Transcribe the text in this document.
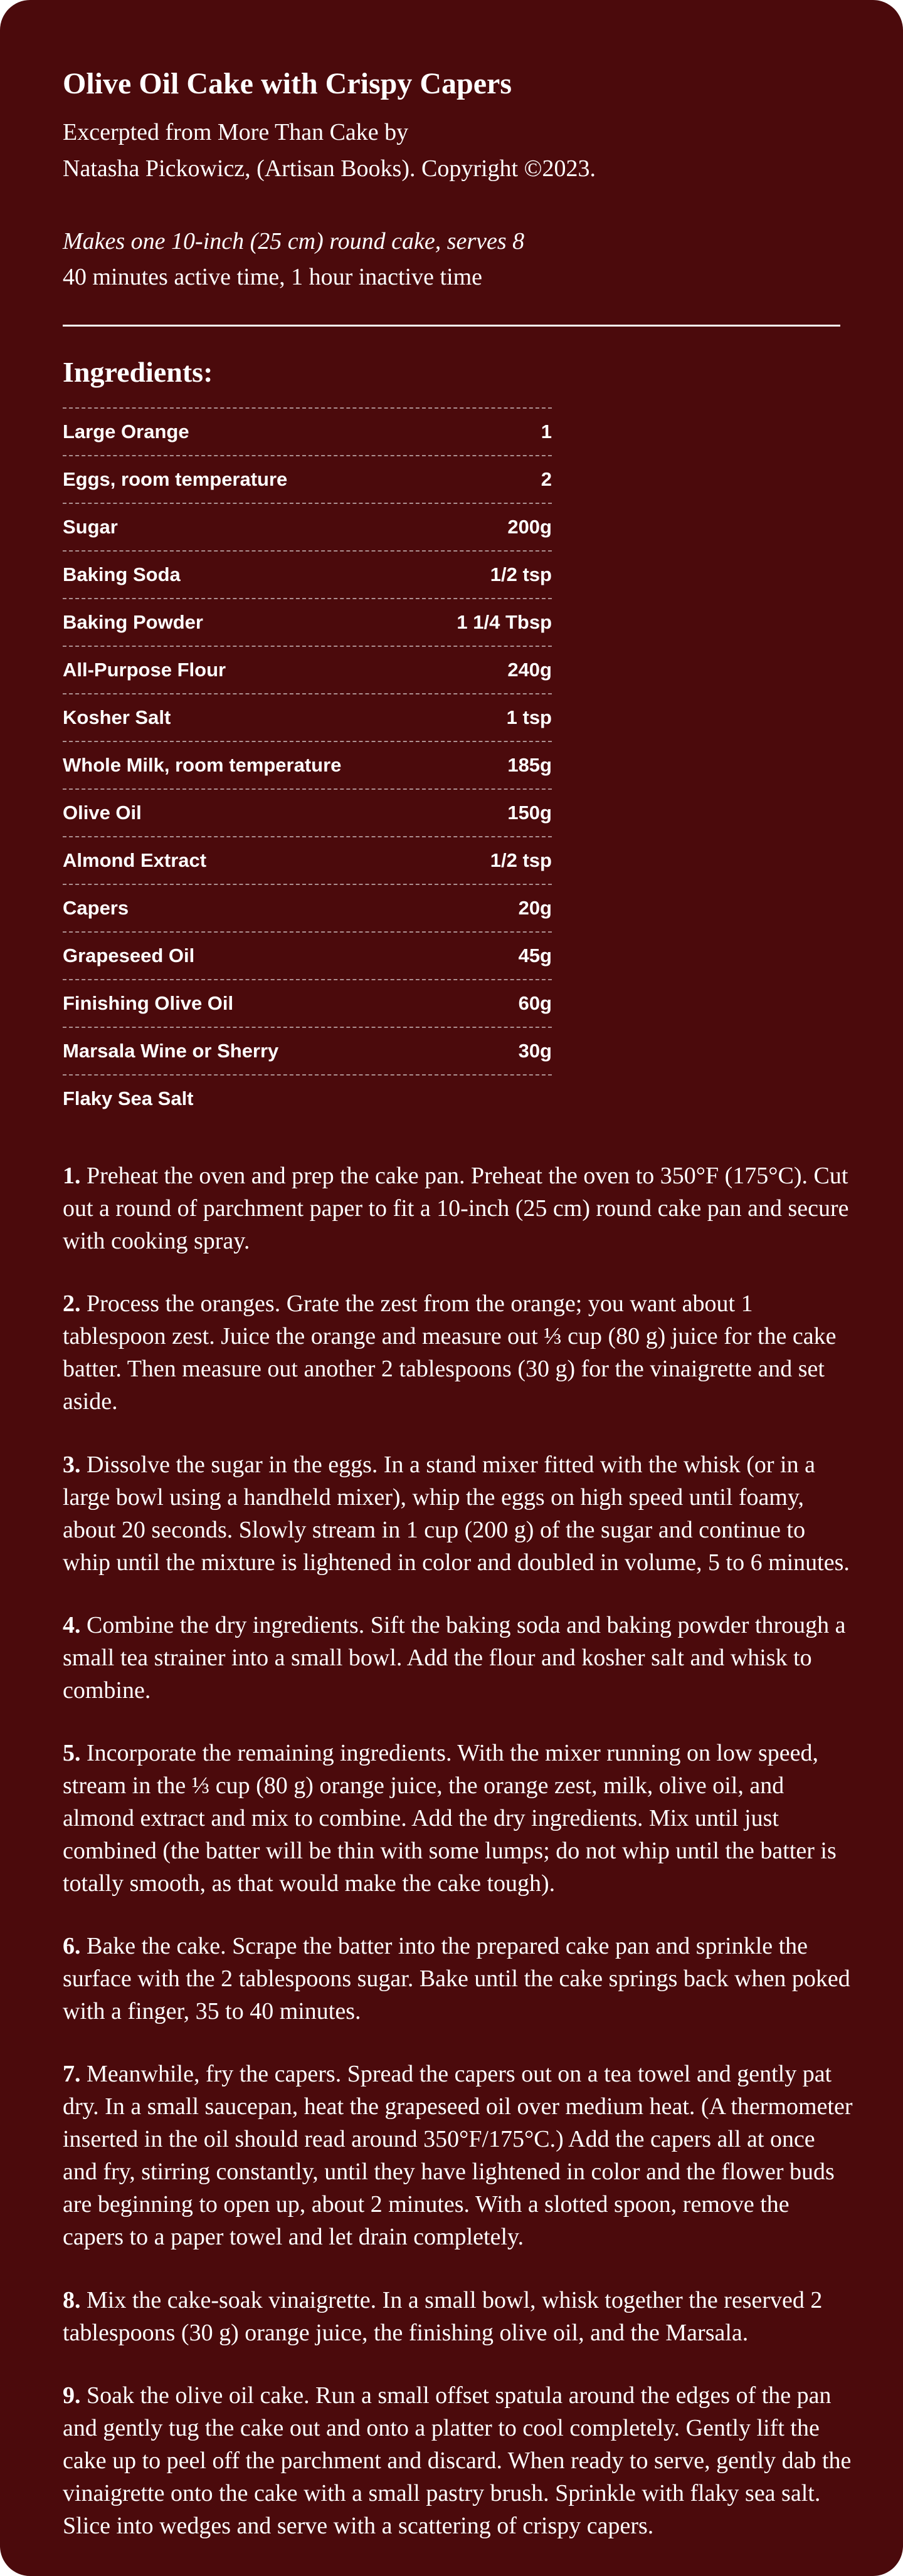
Olive Oil Cake with Crispy Capers

Excerpted from More Than Cake by
Natasha Pickowicz, (Artisan Books). Copyright ©2023.

Makes one 10-inch (25 cm) round cake, serves 8
40 minutes active time, 1 hour inactive time
Ingredients:
Large Orange	1
Eggs, room temperature	2
Sugar	200g
Baking Soda	1/2 tsp
Baking Powder	1 1/4 Tbsp
All-Purpose Flour	240g
Kosher Salt	1 tsp
Whole Milk, room temperature	185g
Olive Oil	150g
Almond Extract	1/2 tsp
Capers	20g
Grapeseed Oil	45g
Finishing Olive Oil	60g
Marsala Wine or Sherry	30g
Flaky Sea Salt

1. Preheat the oven and prep the cake pan. Preheat the oven to 350°F (175°C). Cut out a round of parchment paper to fit a 10-inch (25 cm) round cake pan and secure with cooking spray.

2. Process the oranges. Grate the zest from the orange; you want about 1 tablespoon zest. Juice the orange and measure out ⅓ cup (80 g) juice for the cake batter. Then measure out another 2 tablespoons (30 g) for the vinaigrette and set aside.

3. Dissolve the sugar in the eggs. In a stand mixer fitted with the whisk (or in a large bowl using a handheld mixer), whip the eggs on high speed until foamy, about 20 seconds. Slowly stream in 1 cup (200 g) of the sugar and continue to whip until the mixture is lightened in color and doubled in volume, 5 to 6 minutes.

4. Combine the dry ingredients. Sift the baking soda and baking powder through a small tea strainer into a small bowl. Add the flour and kosher salt and whisk to combine.

5. Incorporate the remaining ingredients. With the mixer running on low speed, stream in the ⅓ cup (80 g) orange juice, the orange zest, milk, olive oil, and almond extract and mix to combine. Add the dry ingredients. Mix until just combined (the batter will be thin with some lumps; do not whip until the batter is totally smooth, as that would make the cake tough).

6. Bake the cake. Scrape the batter into the prepared cake pan and sprinkle the surface with the 2 tablespoons sugar. Bake until the cake springs back when poked with a finger, 35 to 40 minutes.

7. Meanwhile, fry the capers. Spread the capers out on a tea towel and gently pat dry. In a small saucepan, heat the grapeseed oil over medium heat. (A thermometer inserted in the oil should read around 350°F/175°C.) Add the capers all at once and fry, stirring constantly, until they have lightened in color and the flower buds are beginning to open up, about 2 minutes. With a slotted spoon, remove the capers to a paper towel and let drain completely.

8. Mix the cake-soak vinaigrette. In a small bowl, whisk together the reserved 2 tablespoons (30 g) orange juice, the finishing olive oil, and the Marsala.

9. Soak the olive oil cake. Run a small offset spatula around the edges of the pan and gently tug the cake out and onto a platter to cool completely. Gently lift the cake up to peel off the parchment and discard. When ready to serve, gently dab the vinaigrette onto the cake with a small pastry brush. Sprinkle with flaky sea salt. Slice into wedges and serve with a scattering of crispy capers.
